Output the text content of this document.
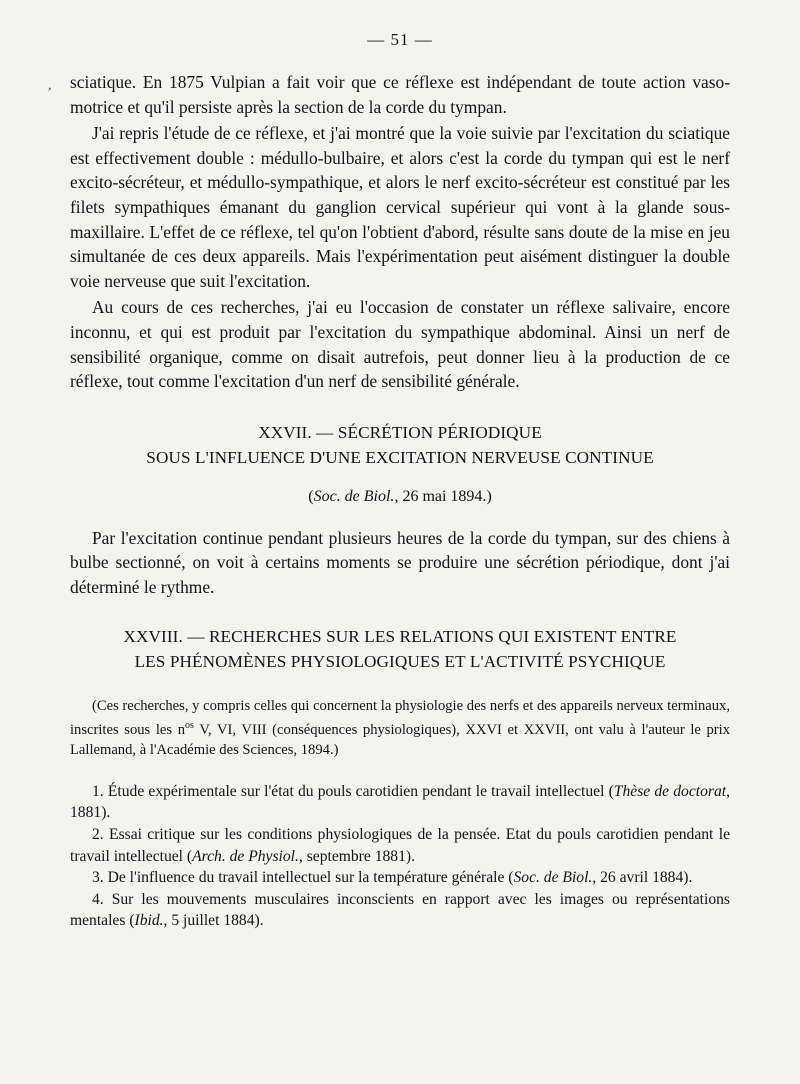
,
— 51 —

sciatique. En 1875 Vulpian a fait voir que ce réflexe est indépendant de toute action vaso-motrice et qu'il persiste après la section de la corde du tympan.

J'ai repris l'étude de ce réflexe, et j'ai montré que la voie suivie par l'excitation du sciatique est effectivement double : médullo-bulbaire, et alors c'est la corde du tympan qui est le nerf excito-sécréteur, et médullo-sympathique, et alors le nerf excito-sécréteur est constitué par les filets sympathiques émanant du ganglion cervical supérieur qui vont à la glande sous-maxillaire. L'effet de ce réflexe, tel qu'on l'obtient d'abord, résulte sans doute de la mise en jeu simultanée de ces deux appareils. Mais l'expérimentation peut aisément distinguer la double voie nerveuse que suit l'excitation.

Au cours de ces recherches, j'ai eu l'occasion de constater un réflexe salivaire, encore inconnu, et qui est produit par l'excitation du sympathique abdominal. Ainsi un nerf de sensibilité organique, comme on disait autrefois, peut donner lieu à la production de ce réflexe, tout comme l'excitation d'un nerf de sensibilité générale.

XXVII. — SÉCRÉTION PÉRIODIQUE
SOUS L'INFLUENCE D'UNE EXCITATION NERVEUSE CONTINUE
(Soc. de Biol., 26 mai 1894.)

Par l'excitation continue pendant plusieurs heures de la corde du tympan, sur des chiens à bulbe sectionné, on voit à certains moments se produire une sécrétion périodique, dont j'ai déterminé le rythme.

XXVIII. — RECHERCHES SUR LES RELATIONS QUI EXISTENT ENTRE
LES PHÉNOMÈNES PHYSIOLOGIQUES ET L'ACTIVITÉ PSYCHIQUE

(Ces recherches, y compris celles qui concernent la physiologie des nerfs et des appareils nerveux terminaux, inscrites sous les $n^{os}$ V, VI, VIII (conséquences physiologiques), XXVI et XXVII, ont valu à l'auteur le prix Lallemand, à l'Académie des Sciences, 1894.)

1. Étude expérimentale sur l'état du pouls carotidien pendant le travail intellectuel (Thèse de doctorat, 1881).

2. Essai critique sur les conditions physiologiques de la pensée. Etat du pouls carotidien pendant le travail intellectuel (Arch. de Physiol., septembre 1881).

3. De l'influence du travail intellectuel sur la température générale (Soc. de Biol., 26 avril 1884).

4. Sur les mouvements musculaires inconscients en rapport avec les images ou représentations mentales (Ibid., 5 juillet 1884).
